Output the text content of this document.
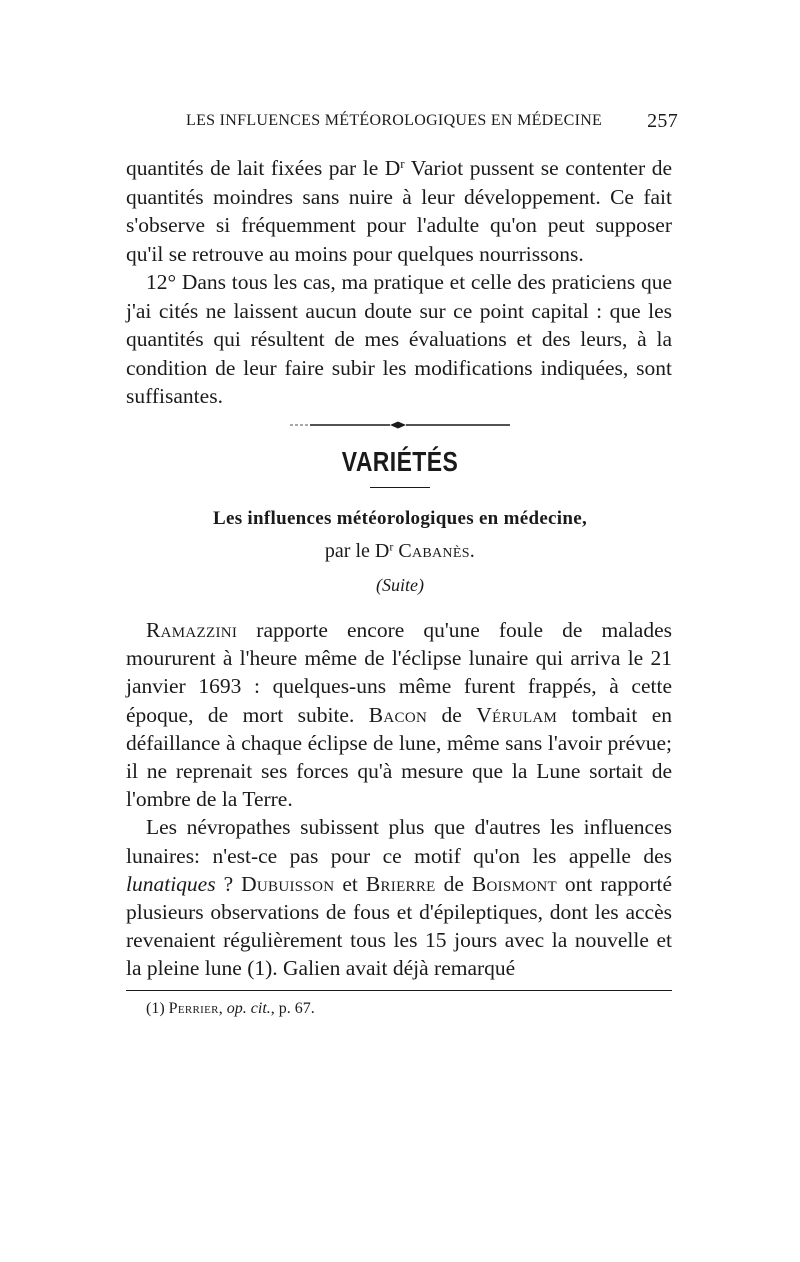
LES INFLUENCES MÉTÉOROLOGIQUES EN MÉDECINE 257

quantités de lait fixées par le $D^r$ Variot pussent se contenter de quantités moindres sans nuire à leur développement. Ce fait s'observe si fréquemment pour l'adulte qu'on peut supposer qu'il se retrouve au moins pour quelques nourrissons.

12° Dans tous les cas, ma pratique et celle des praticiens que j'ai cités ne laissent aucun doute sur ce point capital : que les quantités qui résultent de mes évaluations et des leurs, à la condition de leur faire subir les modifications indiquées, sont suffisantes.

VARIÉTÉS
Les influences météorologiques en médecine,
par le $D^r$ Cabanès.
(Suite)

Ramazzini rapporte encore qu'une foule de malades moururent à l'heure même de l'éclipse lunaire qui arriva le 21 janvier 1693 : quelques-uns même furent frappés, à cette époque, de mort subite. Bacon de Vérulam tombait en défaillance à chaque éclipse de lune, même sans l'avoir prévue; il ne reprenait ses forces qu'à mesure que la Lune sortait de l'ombre de la Terre.

Les névropathes subissent plus que d'autres les influences lunaires: n'est-ce pas pour ce motif qu'on les appelle des lunatiques ? Dubuisson et Brierre de Boismont ont rapporté plusieurs observations de fous et d'épileptiques, dont les accès revenaient régulièrement tous les 15 jours avec la nouvelle et la pleine lune (1). Galien avait déjà remarqué

(1) Perrier, op. cit., p. 67.
